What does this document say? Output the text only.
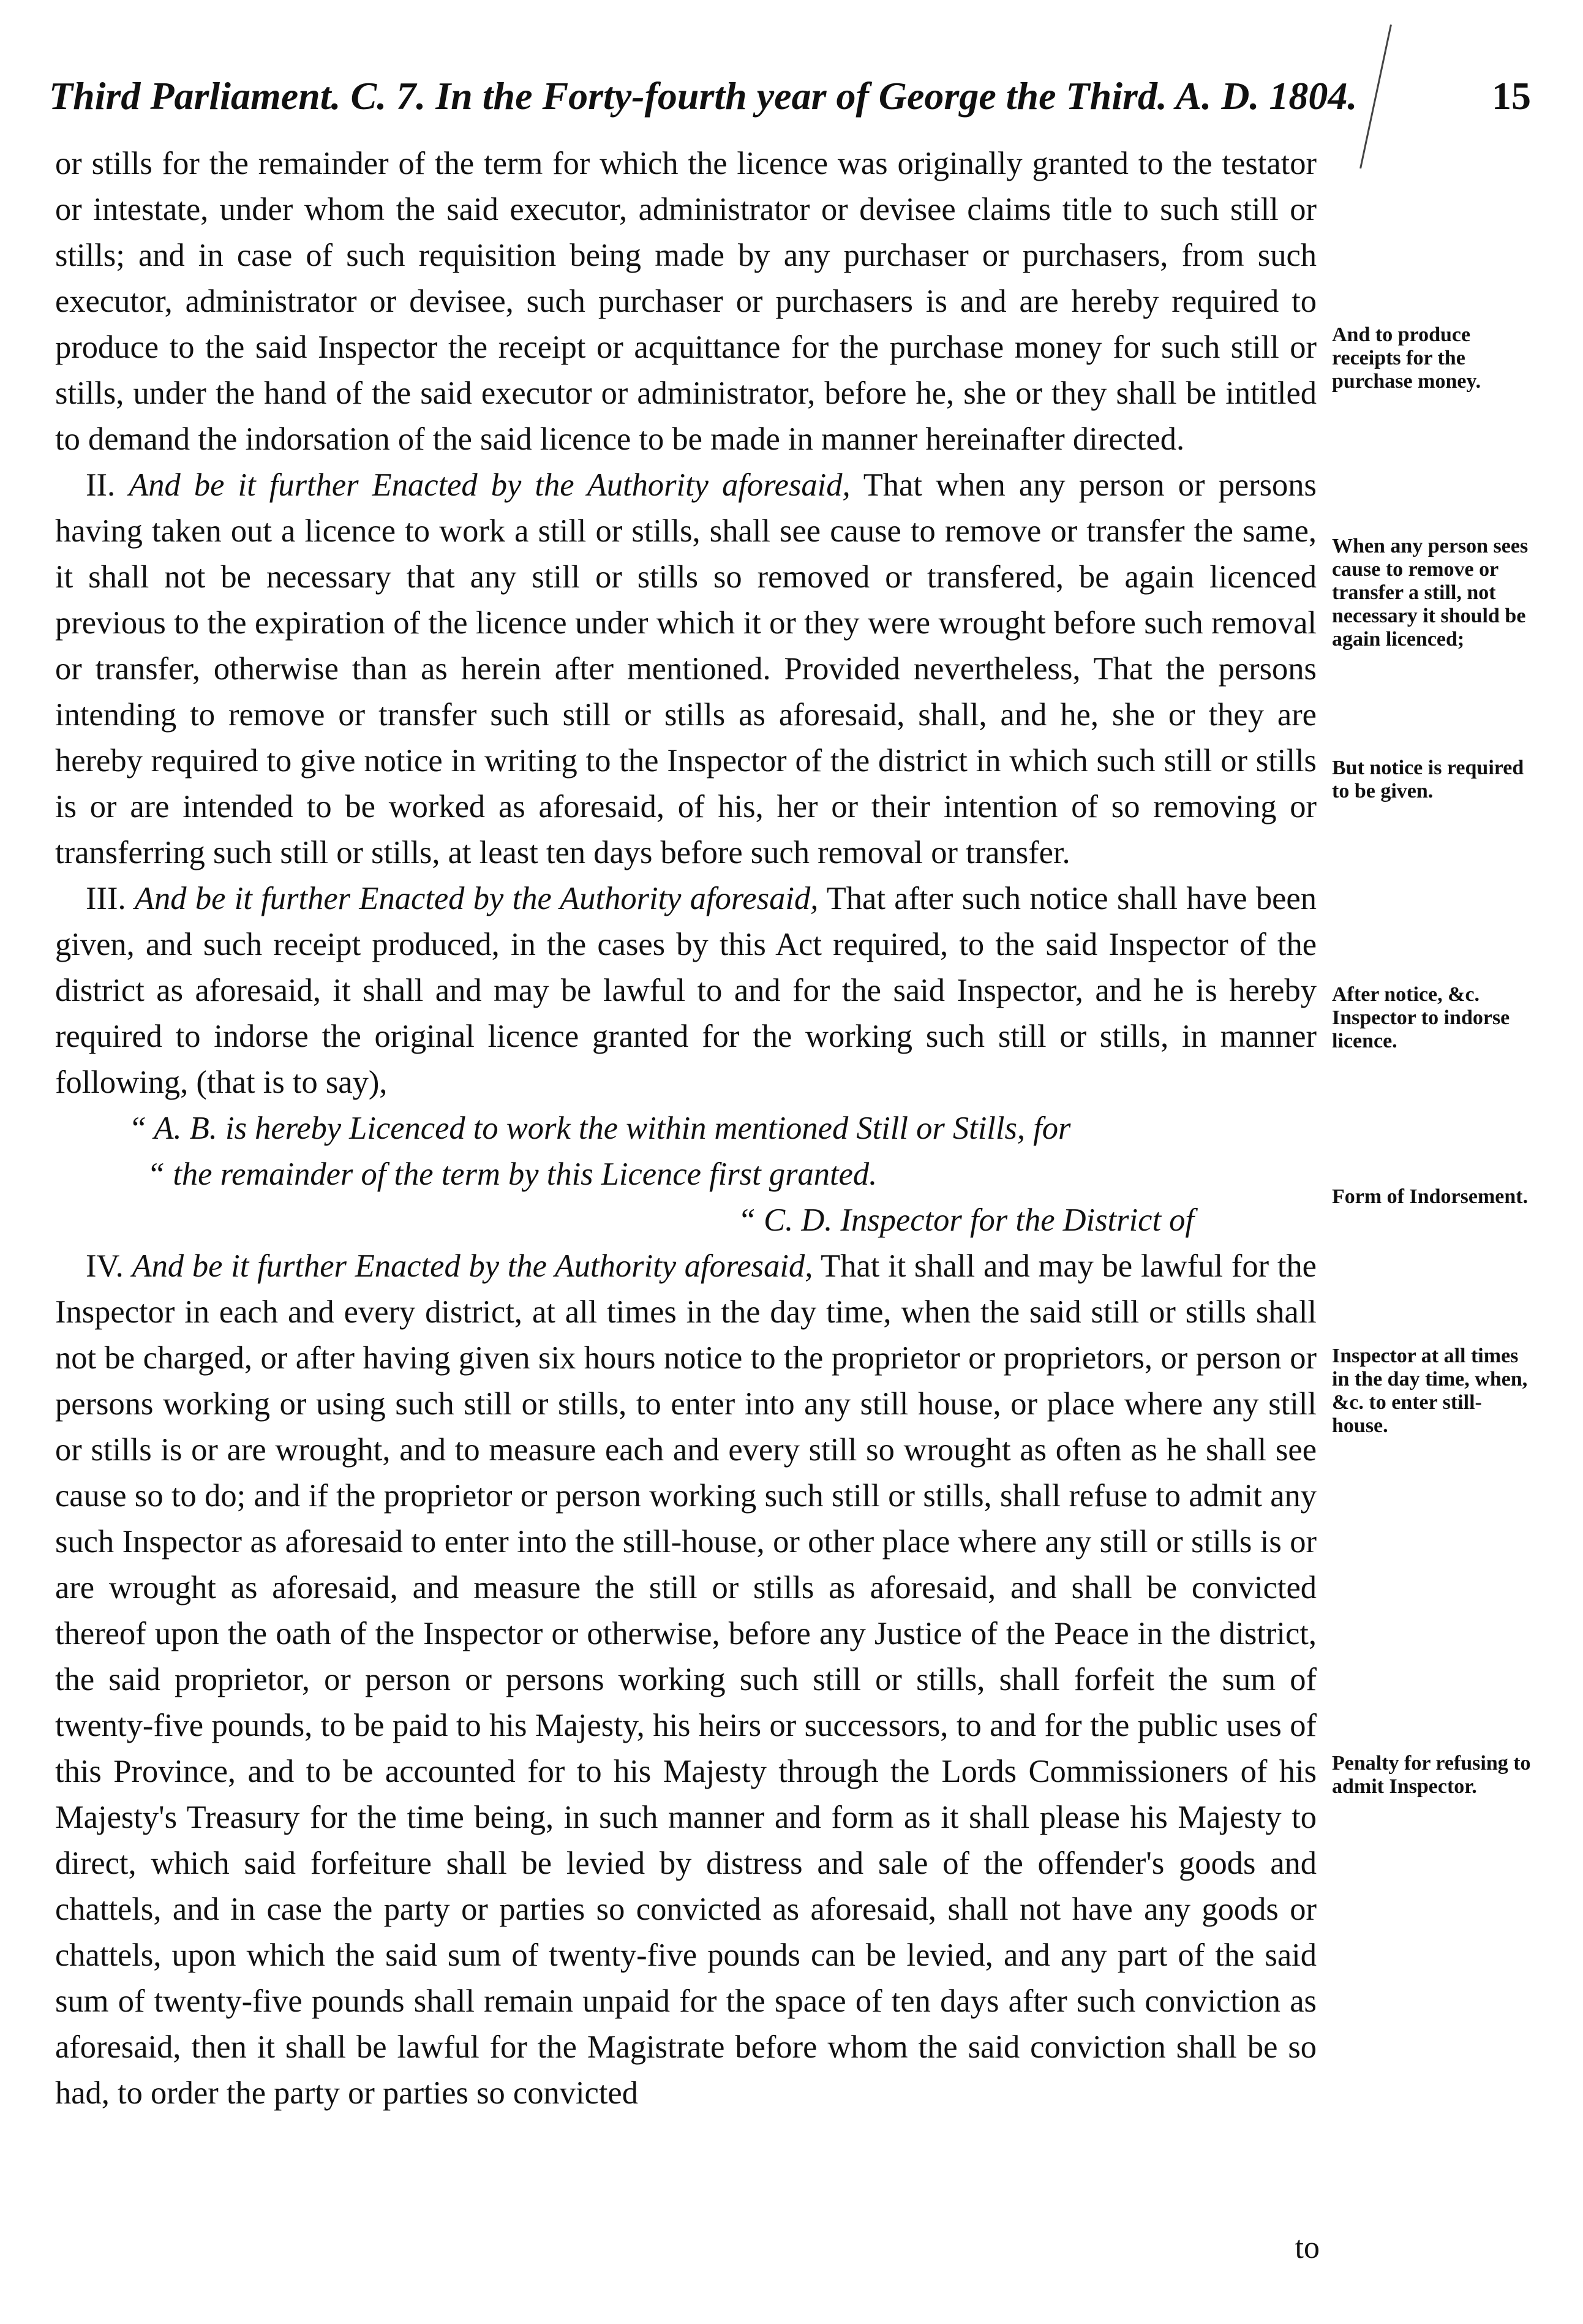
Third Parliament. C. 7. In the Forty-fourth year of George the Third. A. D. 1804.	15

or stills for the remainder of the term for which the licence was originally granted to the testator or intestate, under whom the said executor, administrator or devisee claims title to such still or stills; and in case of such requisition being made by any purchaser or purchasers, from such executor, administrator or devisee, such purchaser or purchasers is and are hereby required to produce to the said Inspector the receipt or acquittance for the purchase money for such still or stills, under the hand of the said executor or administrator, before he, she or they shall be intitled to demand the indorsation of the said licence to be made in manner hereinafter directed.

II. And be it further Enacted by the Authority aforesaid, That when any person or persons having taken out a licence to work a still or stills, shall see cause to remove or transfer the same, it shall not be necessary that any still or stills so removed or transfered, be again licenced previous to the expiration of the licence under which it or they were wrought before such removal or transfer, otherwise than as herein after mentioned. Provided nevertheless, That the persons intending to remove or transfer such still or stills as aforesaid, shall, and he, she or they are hereby required to give notice in writing to the Inspector of the district in which such still or stills is or are intended to be worked as aforesaid, of his, her or their intention of so removing or transferring such still or stills, at least ten days before such removal or transfer.

III. And be it further Enacted by the Authority aforesaid, That after such notice shall have been given, and such receipt produced, in the cases by this Act required, to the said Inspector of the district as aforesaid, it shall and may be lawful to and for the said Inspector, and he is hereby required to indorse the original licence granted for the working such still or stills, in manner following, (that is to say),

“ A. B. is hereby Licenced to work the within mentioned Still or Stills, for

“ the remainder of the term by this Licence first granted.

“ C. D. Inspector for the District of

IV. And be it further Enacted by the Authority aforesaid, That it shall and may be lawful for the Inspector in each and every district, at all times in the day time, when the said still or stills shall not be charged, or after having given six hours notice to the proprietor or proprietors, or person or persons working or using such still or stills, to enter into any still house, or place where any still or stills is or are wrought, and to measure each and every still so wrought as often as he shall see cause so to do; and if the proprietor or person working such still or stills, shall refuse to admit any such Inspector as aforesaid to enter into the still-house, or other place where any still or stills is or are wrought as aforesaid, and measure the still or stills as aforesaid, and shall be convicted thereof upon the oath of the Inspector or otherwise, before any Justice of the Peace in the district, the said proprietor, or person or persons working such still or stills, shall forfeit the sum of twenty-five pounds, to be paid to his Majesty, his heirs or successors, to and for the public uses of this Province, and to be accounted for to his Majesty through the Lords Commissioners of his Majesty's Treasury for the time being, in such manner and form as it shall please his Majesty to direct, which said forfeiture shall be levied by distress and sale of the offender's goods and chattels, and in case the party or parties so convicted as aforesaid, shall not have any goods or chattels, upon which the said sum of twenty-five pounds can be levied, and any part of the said sum of twenty-five pounds shall remain unpaid for the space of ten days after such conviction as aforesaid, then it shall be lawful for the Magistrate before whom the said conviction shall be so had, to order the party or parties so convicted

to
And to produce receipts for the purchase money.
When any person sees cause to remove or transfer a still, not necessary it should be again licenced;
But notice is required to be given.
After notice, &c. Inspector to indorse licence.
Form of Indorsement.
Inspector at all times in the day time, when, &c. to enter still-house.
Penalty for refusing to admit Inspector.
